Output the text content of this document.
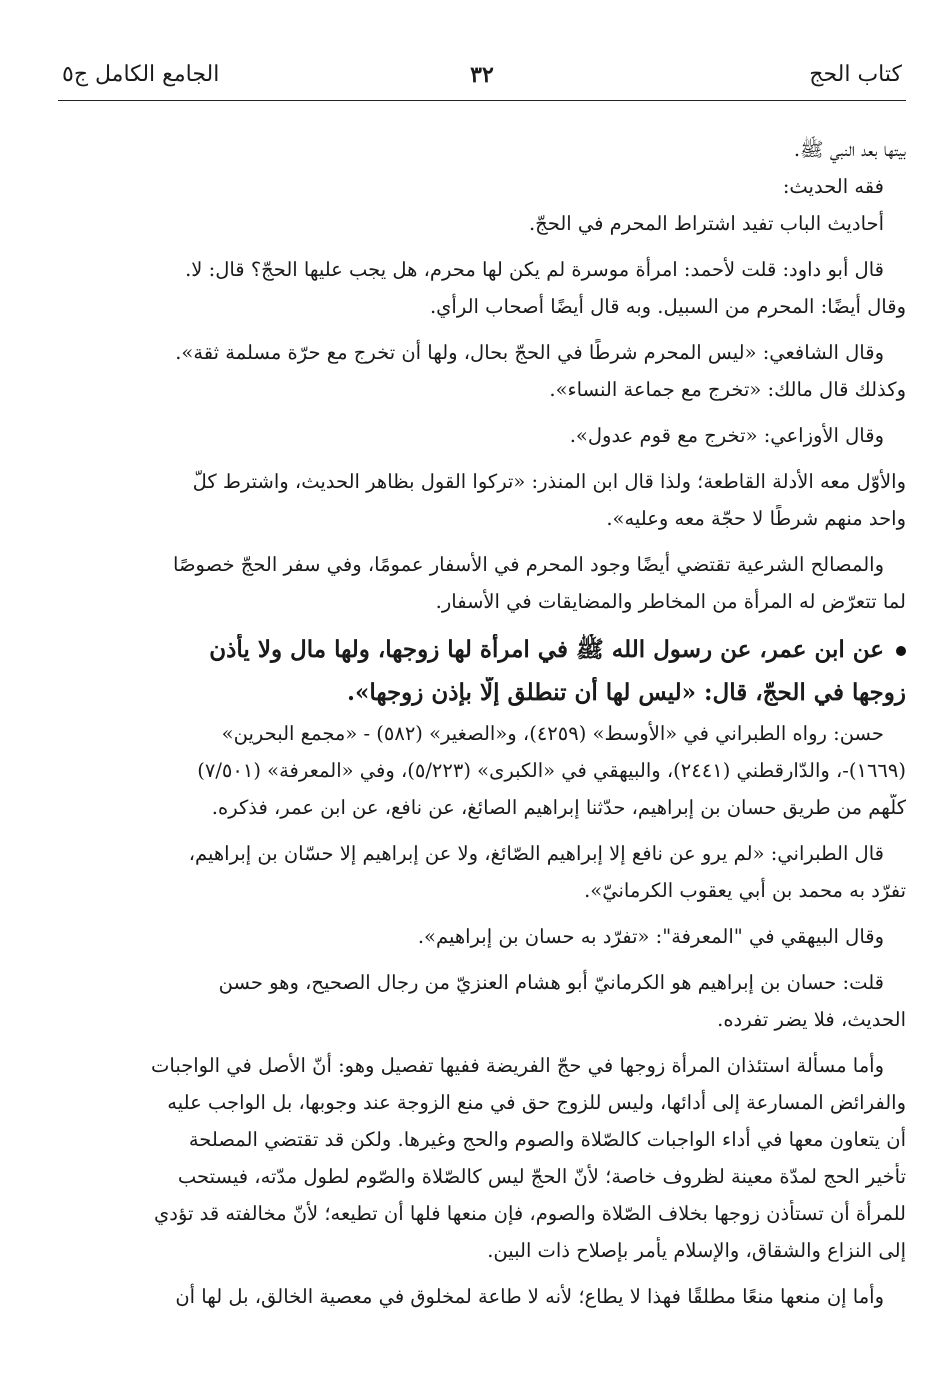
كتاب الحج
٣٢
الجامع الكامل ج٥
بيتها بعد النبي ﷺ.
فقه الحديث:
أحاديث الباب تفيد اشتراط المحرم في الحجّ.
قال أبو داود: قلت لأحمد: امرأة موسرة لم يكن لها محرم، هل يجب عليها الحجّ؟ قال: لا.
وقال أيضًا: المحرم من السبيل. وبه قال أيضًا أصحاب الرأي.
وقال الشافعي: «ليس المحرم شرطًا في الحجّ بحال، ولها أن تخرج مع حرّة مسلمة ثقة».
وكذلك قال مالك: «تخرج مع جماعة النساء».
وقال الأوزاعي: «تخرج مع قوم عدول».
والأوّل معه الأدلة القاطعة؛ ولذا قال ابن المنذر: «تركوا القول بظاهر الحديث، واشترط كلّ
واحد منهم شرطًا لا حجّة معه وعليه».
والمصالح الشرعية تقتضي أيضًا وجود المحرم في الأسفار عمومًا، وفي سفر الحجّ خصوصًا
لما تتعرّض له المرأة من المخاطر والمضايقات في الأسفار.
عن ابن عمر، عن رسول الله ﷺ في امرأة لها زوجها، ولها مال ولا يأذن
زوجها في الحجّ، قال: «ليس لها أن تنطلق إلّا بإذن زوجها».
حسن: رواه الطبراني في «الأوسط» (٤٢٥٩)، و«الصغير» (٥٨٢) - «مجمع البحرين»
(١٦٦٩)-، والدّارقطني (٢٤٤١)، والبيهقي في «الكبرى» (٥/٢٢٣)، وفي «المعرفة» (٧/٥٠١)
كلّهم من طريق حسان بن إبراهيم، حدّثنا إبراهيم الصائغ، عن نافع، عن ابن عمر، فذكره.
قال الطبراني: «لم يرو عن نافع إلا إبراهيم الصّائغ، ولا عن إبراهيم إلا حسّان بن إبراهيم،
تفرّد به محمد بن أبي يعقوب الكرمانيّ».
وقال البيهقي في "المعرفة": «تفرّد به حسان بن إبراهيم».
قلت: حسان بن إبراهيم هو الكرمانيّ أبو هشام العنزيّ من رجال الصحيح، وهو حسن
الحديث، فلا يضر تفرده.
وأما مسألة استئذان المرأة زوجها في حجّ الفريضة ففيها تفصيل وهو: أنّ الأصل في الواجبات
والفرائض المسارعة إلى أدائها، وليس للزوج حق في منع الزوجة عند وجوبها، بل الواجب عليه
أن يتعاون معها في أداء الواجبات كالصّلاة والصوم والحج وغيرها. ولكن قد تقتضي المصلحة
تأخير الحج لمدّة معينة لظروف خاصة؛ لأنّ الحجّ ليس كالصّلاة والصّوم لطول مدّته، فيستحب
للمرأة أن تستأذن زوجها بخلاف الصّلاة والصوم، فإن منعها فلها أن تطيعه؛ لأنّ مخالفته قد تؤدي
إلى النزاع والشقاق، والإسلام يأمر بإصلاح ذات البين.
وأما إن منعها منعًا مطلقًا فهذا لا يطاع؛ لأنه لا طاعة لمخلوق في معصية الخالق، بل لها أن
